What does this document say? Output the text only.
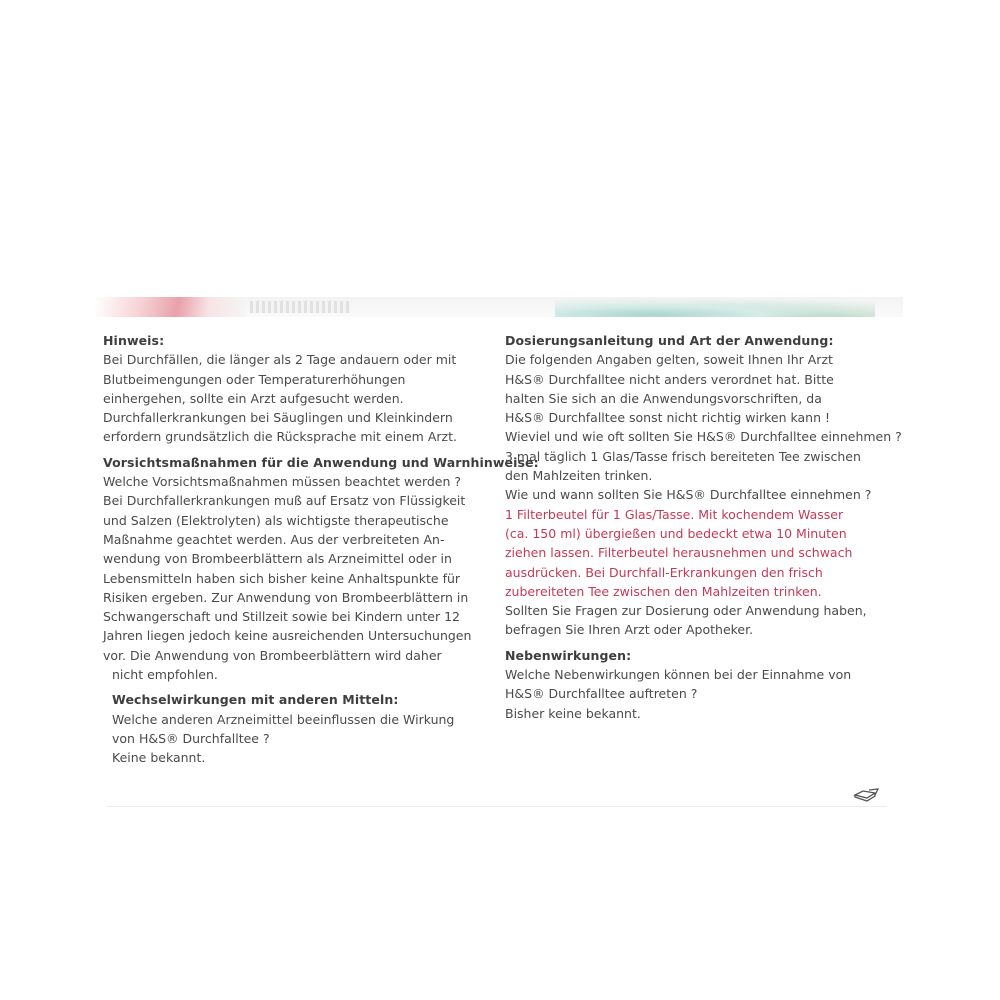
Hinweis:
Bei Durchfällen, die länger als 2 Tage andauern oder mit
Blutbeimengungen oder Temperaturerhöhungen
einhergehen, sollte ein Arzt aufgesucht werden.
Durchfallerkrankungen bei Säuglingen und Kleinkindern
erfordern grundsätzlich die Rücksprache mit einem Arzt.
Vorsichtsmaßnahmen für die Anwendung und Warnhinweise:
Welche Vorsichtsmaßnahmen müssen beachtet werden ?
Bei Durchfallerkrankungen muß auf Ersatz von Flüssigkeit
und Salzen (Elektrolyten) als wichtigste therapeutische
Maßnahme geachtet werden. Aus der verbreiteten An-
wendung von Brombeerblättern als Arzneimittel oder in
Lebensmitteln haben sich bisher keine Anhaltspunkte für
Risiken ergeben. Zur Anwendung von Brombeerblättern in
Schwangerschaft und Stillzeit sowie bei Kindern unter 12
Jahren liegen jedoch keine ausreichenden Untersuchungen
vor. Die Anwendung von Brombeerblättern wird daher
nicht empfohlen.
Wechselwirkungen mit anderen Mitteln:
Welche anderen Arzneimittel beeinflussen die Wirkung
von H&S® Durchfalltee ?
Keine bekannt.
Dosierungsanleitung und Art der Anwendung:
Die folgenden Angaben gelten, soweit Ihnen Ihr Arzt
H&S® Durchfalltee nicht anders verordnet hat. Bitte
halten Sie sich an die Anwendungsvorschriften, da
H&S® Durchfalltee sonst nicht richtig wirken kann !
Wieviel und wie oft sollten Sie H&S® Durchfalltee einnehmen ?
3 mal täglich 1 Glas/Tasse frisch bereiteten Tee zwischen
den Mahlzeiten trinken.
Wie und wann sollten Sie H&S® Durchfalltee einnehmen ?
1 Filterbeutel für 1 Glas/Tasse. Mit kochendem Wasser
(ca. 150 ml) übergießen und bedeckt etwa 10 Minuten
ziehen lassen. Filterbeutel herausnehmen und schwach
ausdrücken. Bei Durchfall-Erkrankungen den frisch
zubereiteten Tee zwischen den Mahlzeiten trinken.
Sollten Sie Fragen zur Dosierung oder Anwendung haben,
befragen Sie Ihren Arzt oder Apotheker.
Nebenwirkungen:
Welche Nebenwirkungen können bei der Einnahme von
H&S® Durchfalltee auftreten ?
Bisher keine bekannt.
